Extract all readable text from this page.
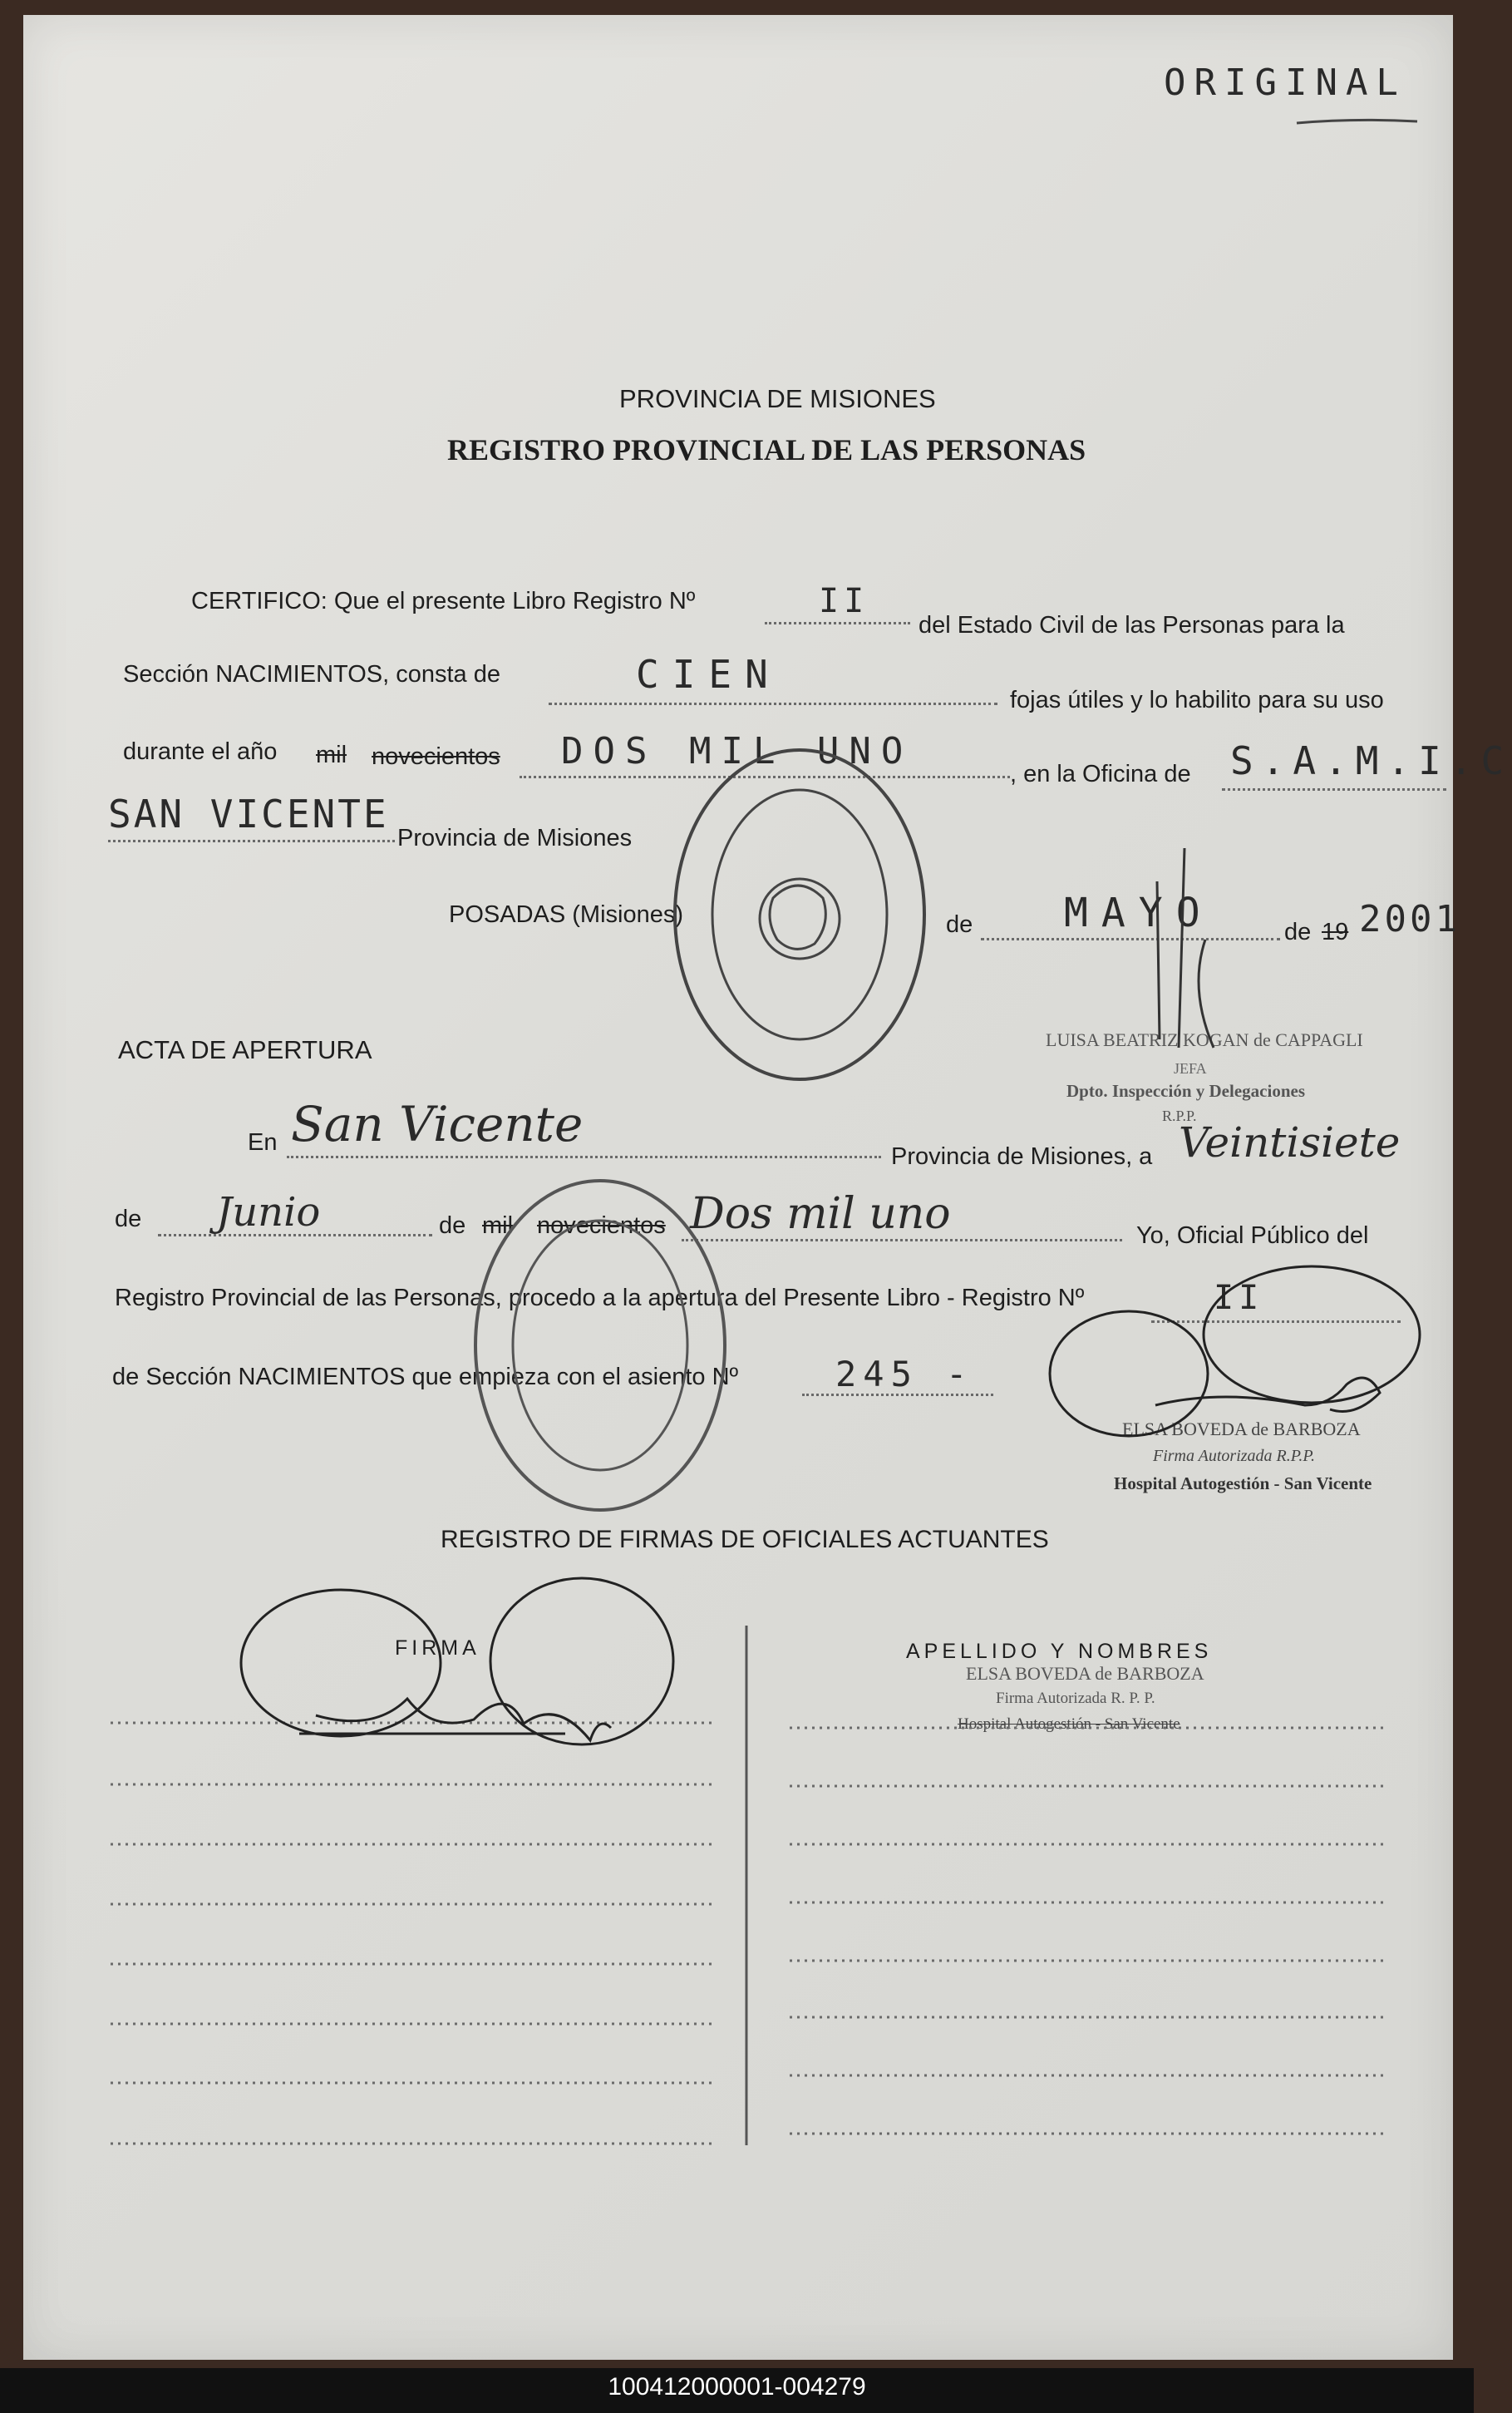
ORIGINAL
PROVINCIA DE MISIONES
REGISTRO PROVINCIAL DE LAS PERSONAS
CERTIFICO: Que el presente Libro Registro Nº	II
del Estado Civil de las Personas para la
Sección NACIMIENTOS, consta de	CIEN
fojas útiles y lo habilito para su uso
durante el año mil novecientos DOS MIL UNO
, en la Oficina de S.A.M.I.C
SAN VICENTE
Provincia de Misiones
POSADAS (Misiones)	de MAYO	de 19 2001
LUISA BEATRIZ KOGAN de CAPPAGLI
JEFA
Dpto. Inspección y Delegaciones
R.P.P.
ACTA DE APERTURA
En San Vicente
Provincia de Misiones, a Veintisiete
de Junio	de mil novecientos Dos mil uno	Yo, Oficial Público del
Registro Provincial de las Personas, procedo a la apertura del Presente Libro - Registro Nº	II
de Sección NACIMIENTOS que empieza con el asiento Nº	245 -
ELSA BOVEDA de BARBOZA
Firma Autorizada R.P.P.
Hospital Autogestión - San Vicente
REGISTRO DE FIRMAS DE OFICIALES ACTUANTES
FIRMA	APELLIDO Y NOMBRES
ELSA BOVEDA de BARBOZA
Firma Autorizada R. P. P.
Hospital Autogestión - San Vicente
100412000001-004279
